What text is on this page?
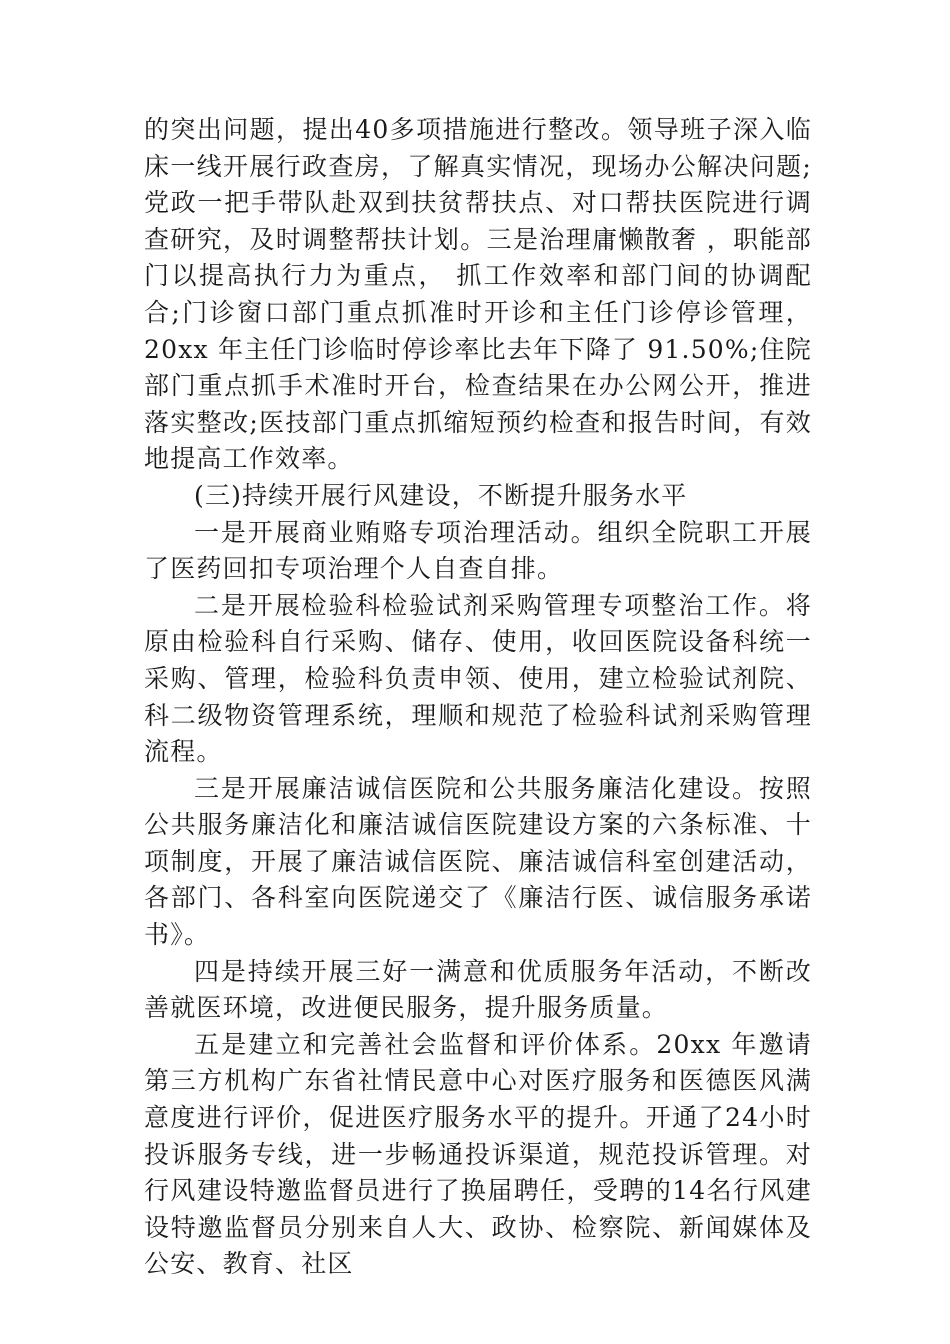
的突出问题，提出40多项措施进行整改。领导班子深入临床一线开展行政查房，了解真实情况，现场办公解决问题;党政一把手带队赴双到扶贫帮扶点、对口帮扶医院进行调查研究，及时调整帮扶计划。三是治理庸懒散奢 ，职能部门以提高执行力为重点， 抓工作效率和部门间的协调配合;门诊窗口部门重点抓准时开诊和主任门诊停诊管理，20xx 年主任门诊临时停诊率比去年下降了 91.50%;住院部门重点抓手术准时开台，检查结果在办公网公开，推进落实整改;医技部门重点抓缩短预约检查和报告时间，有效地提高工作效率。

(三)持续开展行风建设，不断提升服务水平

一是开展商业贿赂专项治理活动。组织全院职工开展了医药回扣专项治理个人自查自排。

二是开展检验科检验试剂采购管理专项整治工作。将原由检验科自行采购、储存、使用，收回医院设备科统一采购、管理，检验科负责申领、使用，建立检验试剂院、科二级物资管理系统，理顺和规范了检验科试剂采购管理流程。

三是开展廉洁诚信医院和公共服务廉洁化建设。按照公共服务廉洁化和廉洁诚信医院建设方案的六条标准、十项制度，开展了廉洁诚信医院、廉洁诚信科室创建活动，各部门、各科室向医院递交了《廉洁行医、诚信服务承诺书》。

四是持续开展三好一满意和优质服务年活动，不断改善就医环境，改进便民服务，提升服务质量。

五是建立和完善社会监督和评价体系。20xx 年邀请第三方机构广东省社情民意中心对医疗服务和医德医风满意度进行评价，促进医疗服务水平的提升。开通了24小时投诉服务专线，进一步畅通投诉渠道，规范投诉管理。对行风建设特邀监督员进行了换届聘任，受聘的14名行风建设特邀监督员分别来自人大、政协、检察院、新闻媒体及公安、教育、社区
